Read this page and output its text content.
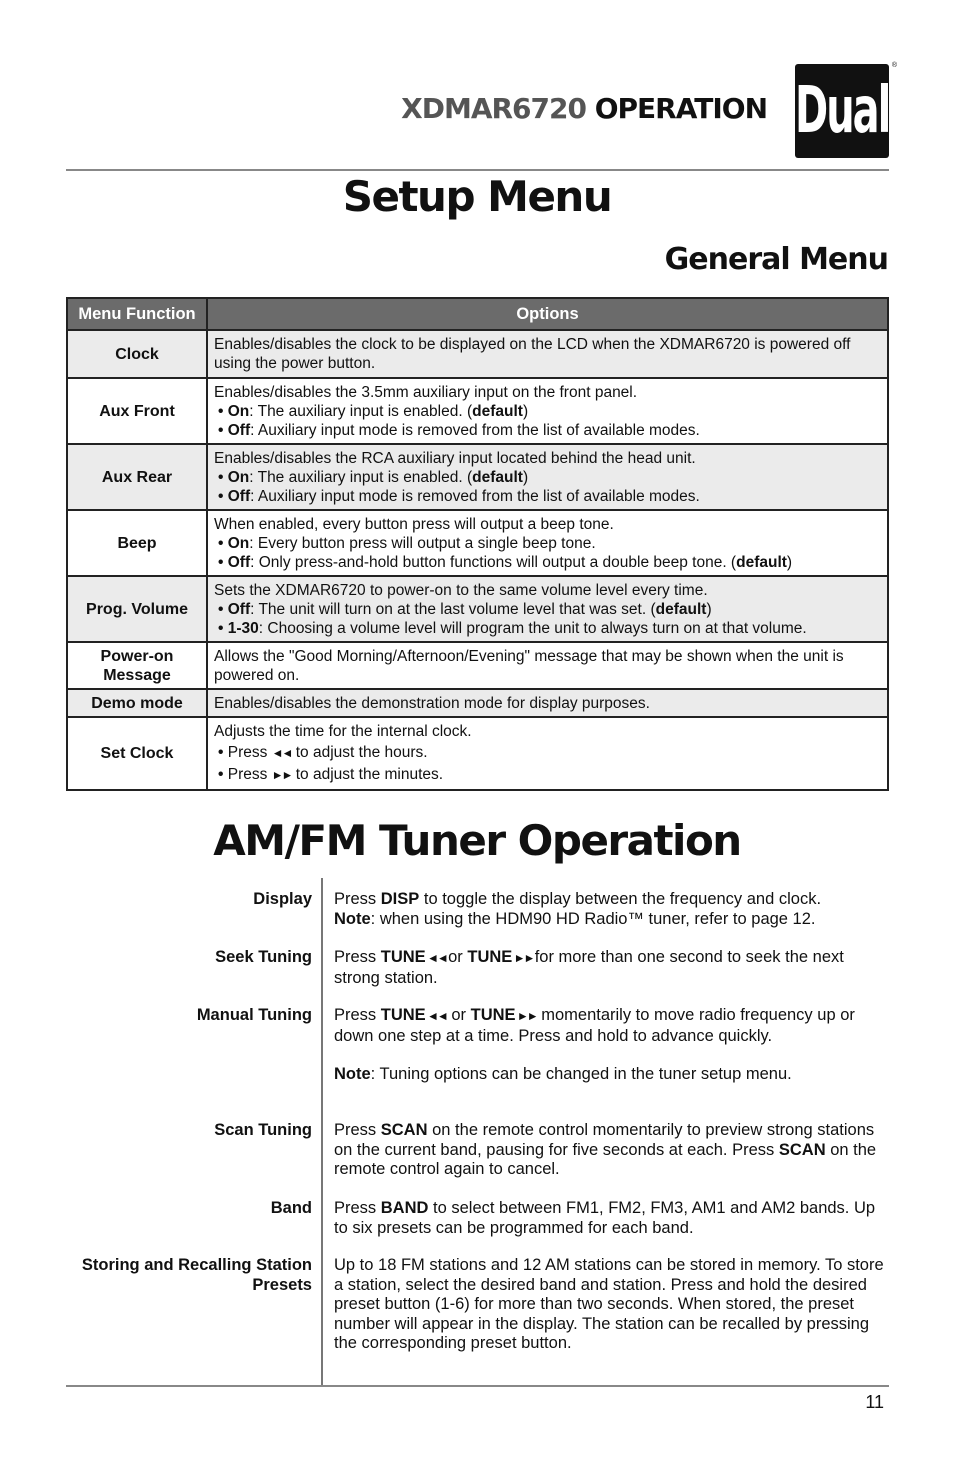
XDMAR6720 OPERATION Dual
®
Setup Menu
General Menu
Menu Function	Options
Clock	Enables/disables the clock to be displayed on the LCD when the XDMAR6720 is powered off using the power button.
Aux Front	Enables/disables the 3.5mm auxiliary input on the front panel.
• On: The auxiliary input is enabled. (default)
• Off: Auxiliary input mode is removed from the list of available modes.

Aux Rear	Enables/disables the RCA auxiliary input located behind the head unit.
• On: The auxiliary input is enabled. (default)
• Off: Auxiliary input mode is removed from the list of available modes.

Beep	When enabled, every button press will output a beep tone.
• On: Every button press will output a single beep tone.
• Off: Only press-and-hold button functions will output a double beep tone. (default)

Prog. Volume	Sets the XDMAR6720 to power-on to the same volume level every time.
• Off: The unit will turn on at the last volume level that was set. (default)
• 1-30: Choosing a volume level will program the unit to always turn on at that volume.

Power-on
Message	Allows the "Good Morning/Afternoon/Evening" message that may be shown when the unit is powered on.
Demo mode	Enables/disables the demonstration mode for display purposes.
Set Clock	Adjusts the time for the internal clock.
• Press ◄◄ to adjust the hours.
• Press ►► to adjust the minutes.
AM/FM Tuner Operation
Display Press DISP to toggle the display between the frequency and clock.
Note: when using the HDM90 HD Radio™ tuner, refer to page 12.
Seek Tuning Press TUNE ◄◄ or TUNE ►► for more than one second to seek the next strong station.
Manual Tuning Press TUNE ◄◄ or TUNE ►► momentarily to move radio frequency up or down one step at a time. Press and hold to advance quickly.
Note: Tuning options can be changed in the tuner setup menu.
Scan Tuning Press SCAN on the remote control momentarily to preview strong stations on the current band, pausing for five seconds at each. Press SCAN on the remote control again to cancel.
Band Press BAND to select between FM1, FM2, FM3, AM1 and AM2 bands. Up to six presets can be programmed for each band.
Storing and Recalling Station
Presets
Up to 18 FM stations and 12 AM stations can be stored in memory. To store a station, select the desired band and station. Press and hold the desired preset button (1-6) for more than two seconds. When stored, the preset number will appear in the display. The station can be recalled by pressing the corresponding preset button.
11
